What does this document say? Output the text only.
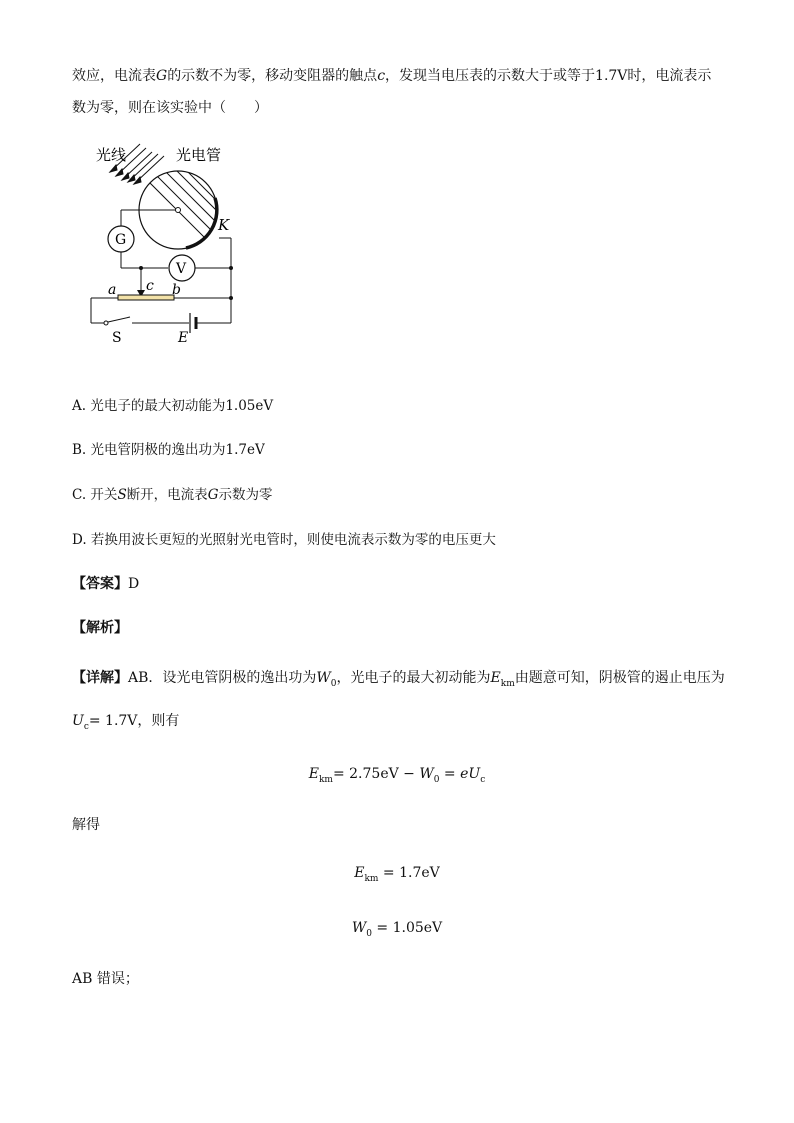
效应，电流表G的示数不为零，移动变阻器的触点c，发现当电压表的示数大于或等于1.7V时，电流表示
数为零，则在该实验中（　　）
光线	光电管
K
G
V
c
a	b
S	E
A. 光电子的最大初动能为1.05eV
B. 光电管阴极的逸出功为1.7eV
C. 开关S断开，电流表G示数为零
D. 若换用波长更短的光照射光电管时，则使电流表示数为零的电压更大
【答案】D
【解析】
【详解】AB．设光电管阴极的逸出功为$W_0$，光电子的最大初动能为$E_{km}$由题意可知，阴极管的遏止电压为
$U_c= 1.7V$，则有
$E_{km}= 2.75eV - W_0 = eU_c$
解得
$E_{km} = 1.7eV$
$W_0 = 1.05eV$
AB 错误；
